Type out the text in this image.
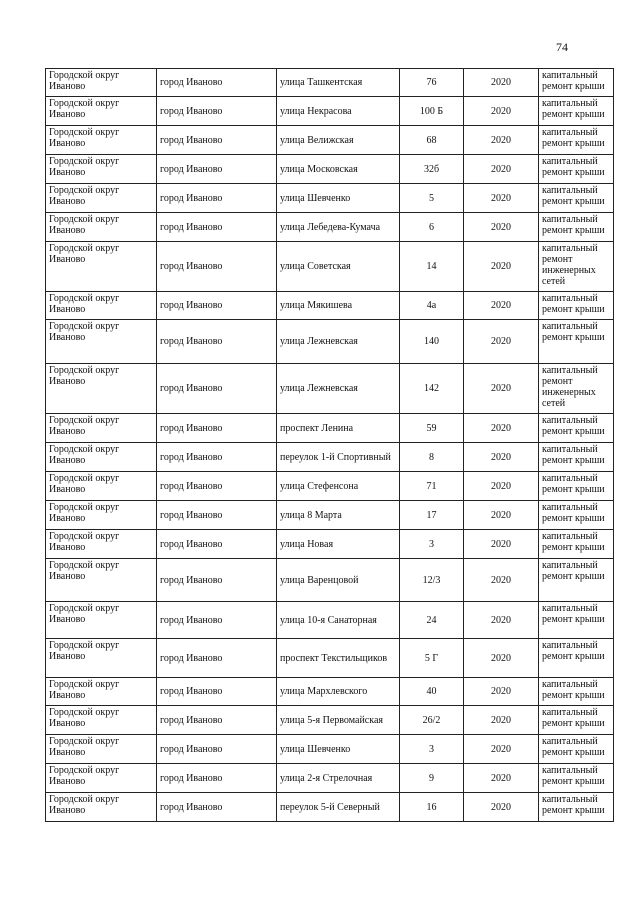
74
Городской округ Иваново	город Иваново	улица Ташкентская	76	2020	капитальный ремонт крыши
Городской округ Иваново	город Иваново	улица Некрасова	100 Б	2020	капитальный ремонт крыши
Городской округ Иваново	город Иваново	улица Велижская	68	2020	капитальный ремонт крыши
Городской округ Иваново	город Иваново	улица Московская	32б	2020	капитальный ремонт крыши
Городской округ Иваново	город Иваново	улица Шевченко	5	2020	капитальный ремонт крыши
Городской округ Иваново	город Иваново	улица Лебедева-Кумача	6	2020	капитальный ремонт крыши
Городской округ Иваново	город Иваново	улица Советская	14	2020	капитальный ремонт инженерных сетей
Городской округ Иваново	город Иваново	улица Мякишева	4а	2020	капитальный ремонт крыши
Городской округ Иваново	город Иваново	улица Лежневская	140	2020	капитальный ремонт крыши
Городской округ Иваново	город Иваново	улица Лежневская	142	2020	капитальный ремонт инженерных сетей
Городской округ Иваново	город Иваново	проспект Ленина	59	2020	капитальный ремонт крыши
Городской округ Иваново	город Иваново	переулок 1-й Спортивный	8	2020	капитальный ремонт крыши
Городской округ Иваново	город Иваново	улица Стефенсона	71	2020	капитальный ремонт крыши
Городской округ Иваново	город Иваново	улица 8 Марта	17	2020	капитальный ремонт крыши
Городской округ Иваново	город Иваново	улица Новая	3	2020	капитальный ремонт крыши
Городской округ Иваново	город Иваново	улица Варенцовой	12/3	2020	капитальный ремонт крыши
Городской округ Иваново	город Иваново	улица 10-я Санаторная	24	2020	капитальный ремонт крыши
Городской округ Иваново	город Иваново	проспект Текстильщиков	5 Г	2020	капитальный ремонт крыши
Городской округ Иваново	город Иваново	улица Мархлевского	40	2020	капитальный ремонт крыши
Городской округ Иваново	город Иваново	улица 5-я Первомайская	26/2	2020	капитальный ремонт крыши
Городской округ Иваново	город Иваново	улица Шевченко	3	2020	капитальный ремонт крыши
Городской округ Иваново	город Иваново	улица 2-я Стрелочная	9	2020	капитальный ремонт крыши
Городской округ Иваново	город Иваново	переулок 5-й Северный	16	2020	капитальный ремонт крыши
